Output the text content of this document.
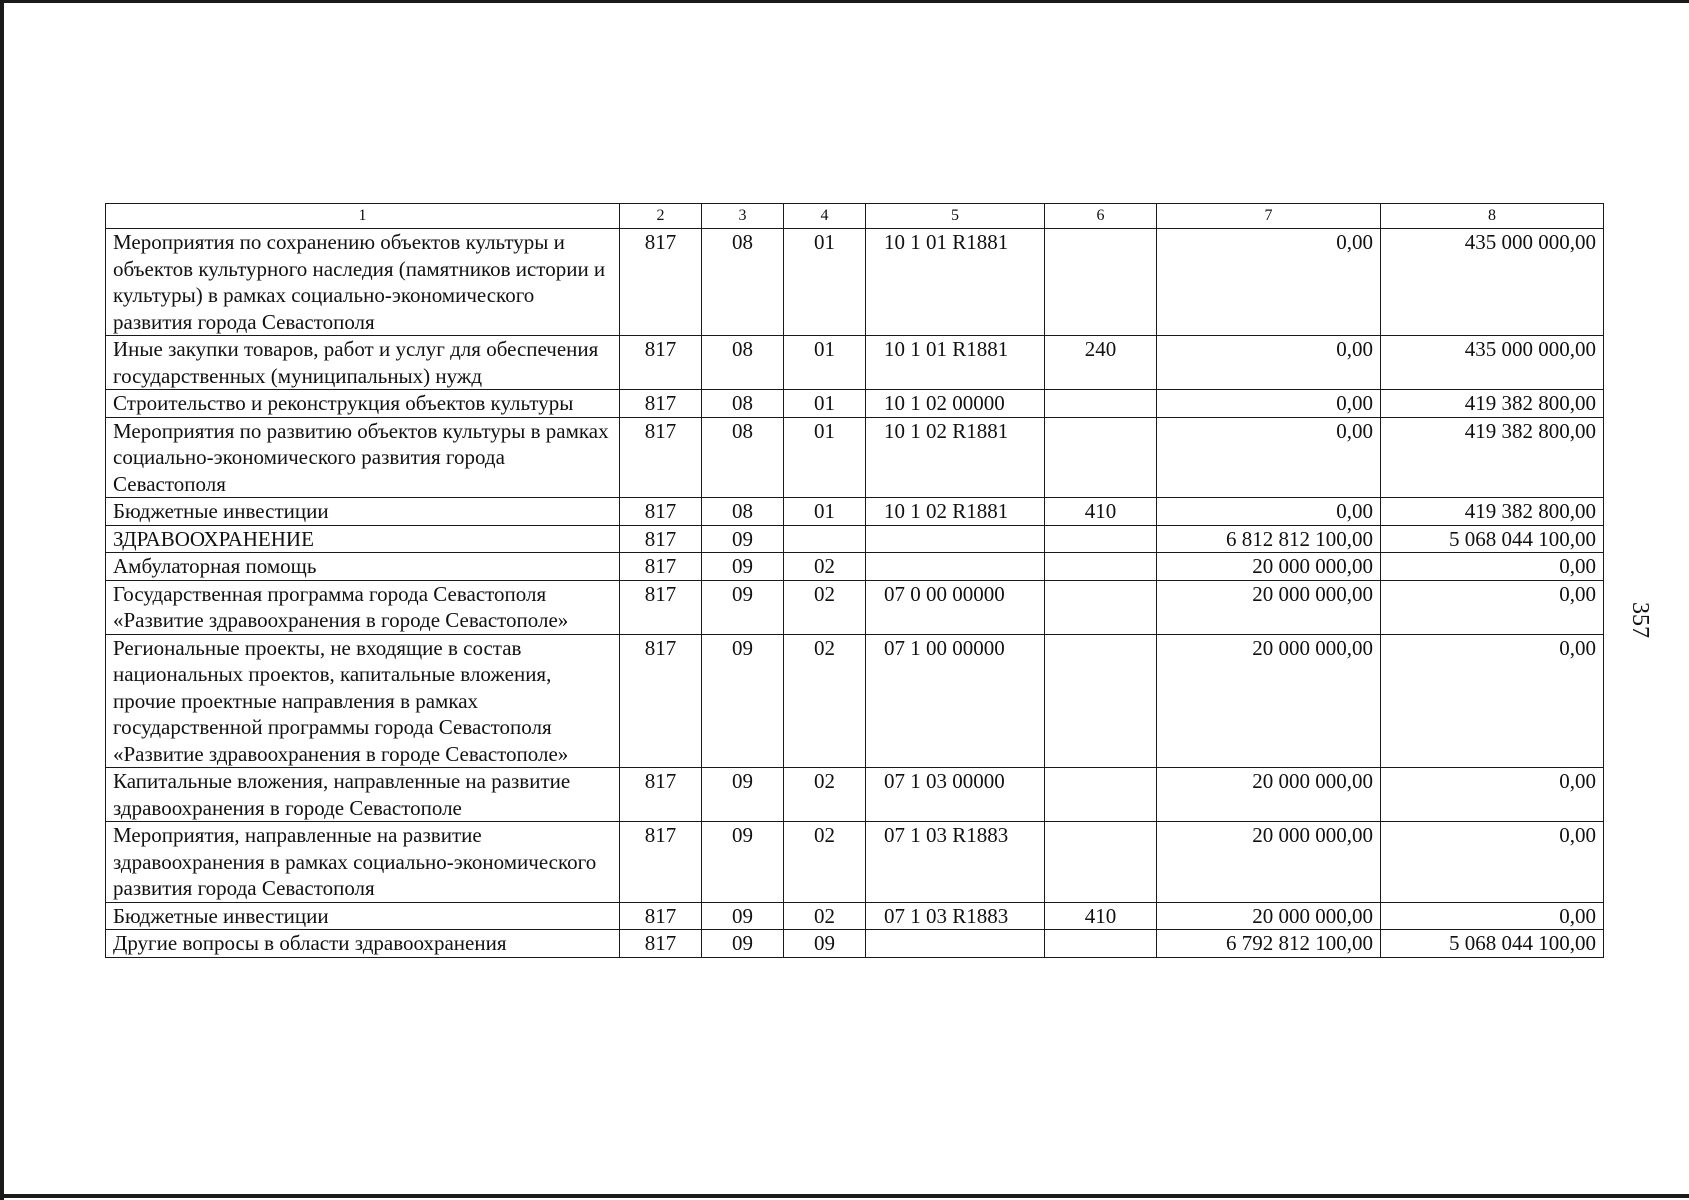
357
1	2	3	4	5	6	7	8
Мероприятия по сохранению объектов культуры и объектов культурного наследия (памятников истории и культуры) в рамках социально-экономического развития города Севастополя	817	08	01	10 1 01 R1881		0,00	435 000 000,00
Иные закупки товаров, работ и услуг для обеспечения государственных (муниципальных) нужд	817	08	01	10 1 01 R1881	240	0,00	435 000 000,00
Строительство и реконструкция объектов культуры	817	08	01	10 1 02 00000		0,00	419 382 800,00
Мероприятия по развитию объектов культуры в рамках социально-экономического развития города Севастополя	817	08	01	10 1 02 R1881		0,00	419 382 800,00
Бюджетные инвестиции	817	08	01	10 1 02 R1881	410	0,00	419 382 800,00
ЗДРАВООХРАНЕНИЕ	817	09				6 812 812 100,00	5 068 044 100,00
Амбулаторная помощь	817	09	02			20 000 000,00	0,00
Государственная программа города Севастополя «Развитие здравоохранения в городе Севастополе»	817	09	02	07 0 00 00000		20 000 000,00	0,00
Региональные проекты, не входящие в состав национальных проектов, капитальные вложения, прочие проектные направления в рамках государственной программы города Севастополя «Развитие здравоохранения в городе Севастополе»	817	09	02	07 1 00 00000		20 000 000,00	0,00
Капитальные вложения, направленные на развитие здравоохранения в городе Севастополе	817	09	02	07 1 03 00000		20 000 000,00	0,00
Мероприятия, направленные на развитие здравоохранения в рамках социально-экономического развития города Севастополя	817	09	02	07 1 03 R1883		20 000 000,00	0,00
Бюджетные инвестиции	817	09	02	07 1 03 R1883	410	20 000 000,00	0,00
Другие вопросы в области здравоохранения	817	09	09			6 792 812 100,00	5 068 044 100,00
